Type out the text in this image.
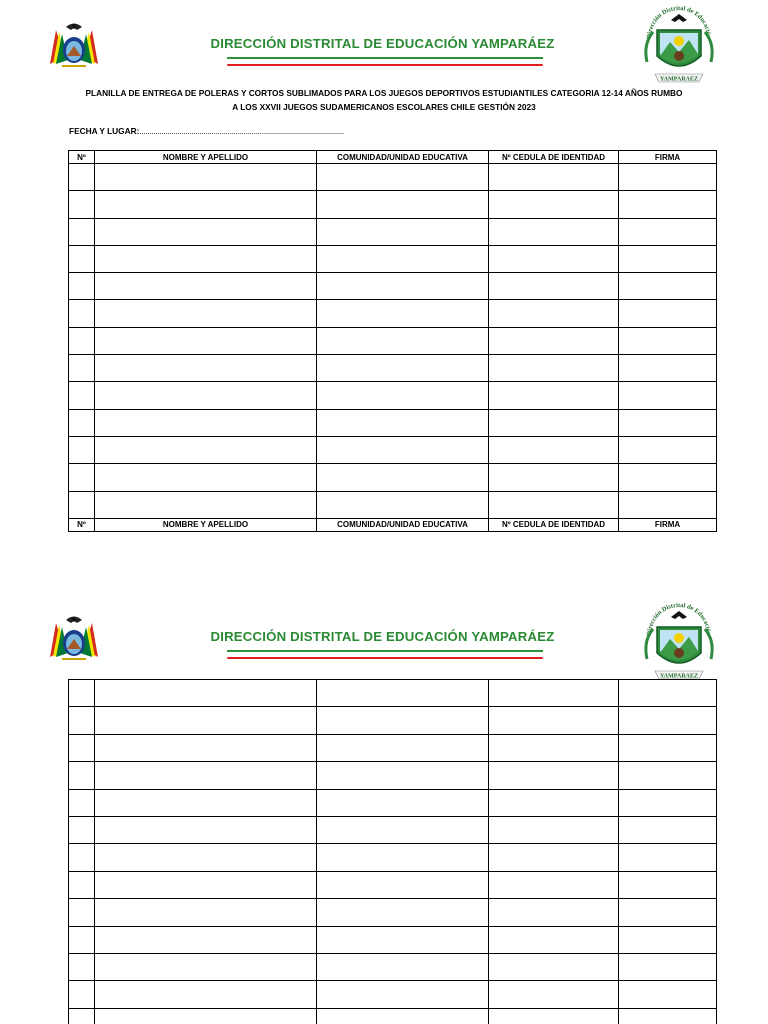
DIRECCIÓN DISTRITAL DE EDUCACIÓN YAMPARÁEZ	Dirección Distrital de Educación
YAMPARAEZ
PLANILLA DE ENTREGA DE POLERAS Y CORTOS SUBLIMADOS PARA LOS JUEGOS DEPORTIVOS ESTUDIANTILES CATEGORIA 12-14 AÑOS RUMBO
A LOS XXVII JUEGOS SUDAMERICANOS ESCOLARES CHILE GESTIÓN 2023
FECHA Y LUGAR:......................................................................................................
Nº	NOMBRE Y APELLIDO	COMUNIDAD/UNIDAD EDUCATIVA	Nº CEDULA DE IDENTIDAD	FIRMA

Nº	NOMBRE Y APELLIDO	COMUNIDAD/UNIDAD EDUCATIVA	Nº CEDULA DE IDENTIDAD	FIRMA
DIRECCIÓN DISTRITAL DE EDUCACIÓN YAMPARÁEZ	Dirección Distrital de Educación
YAMPARAEZ
